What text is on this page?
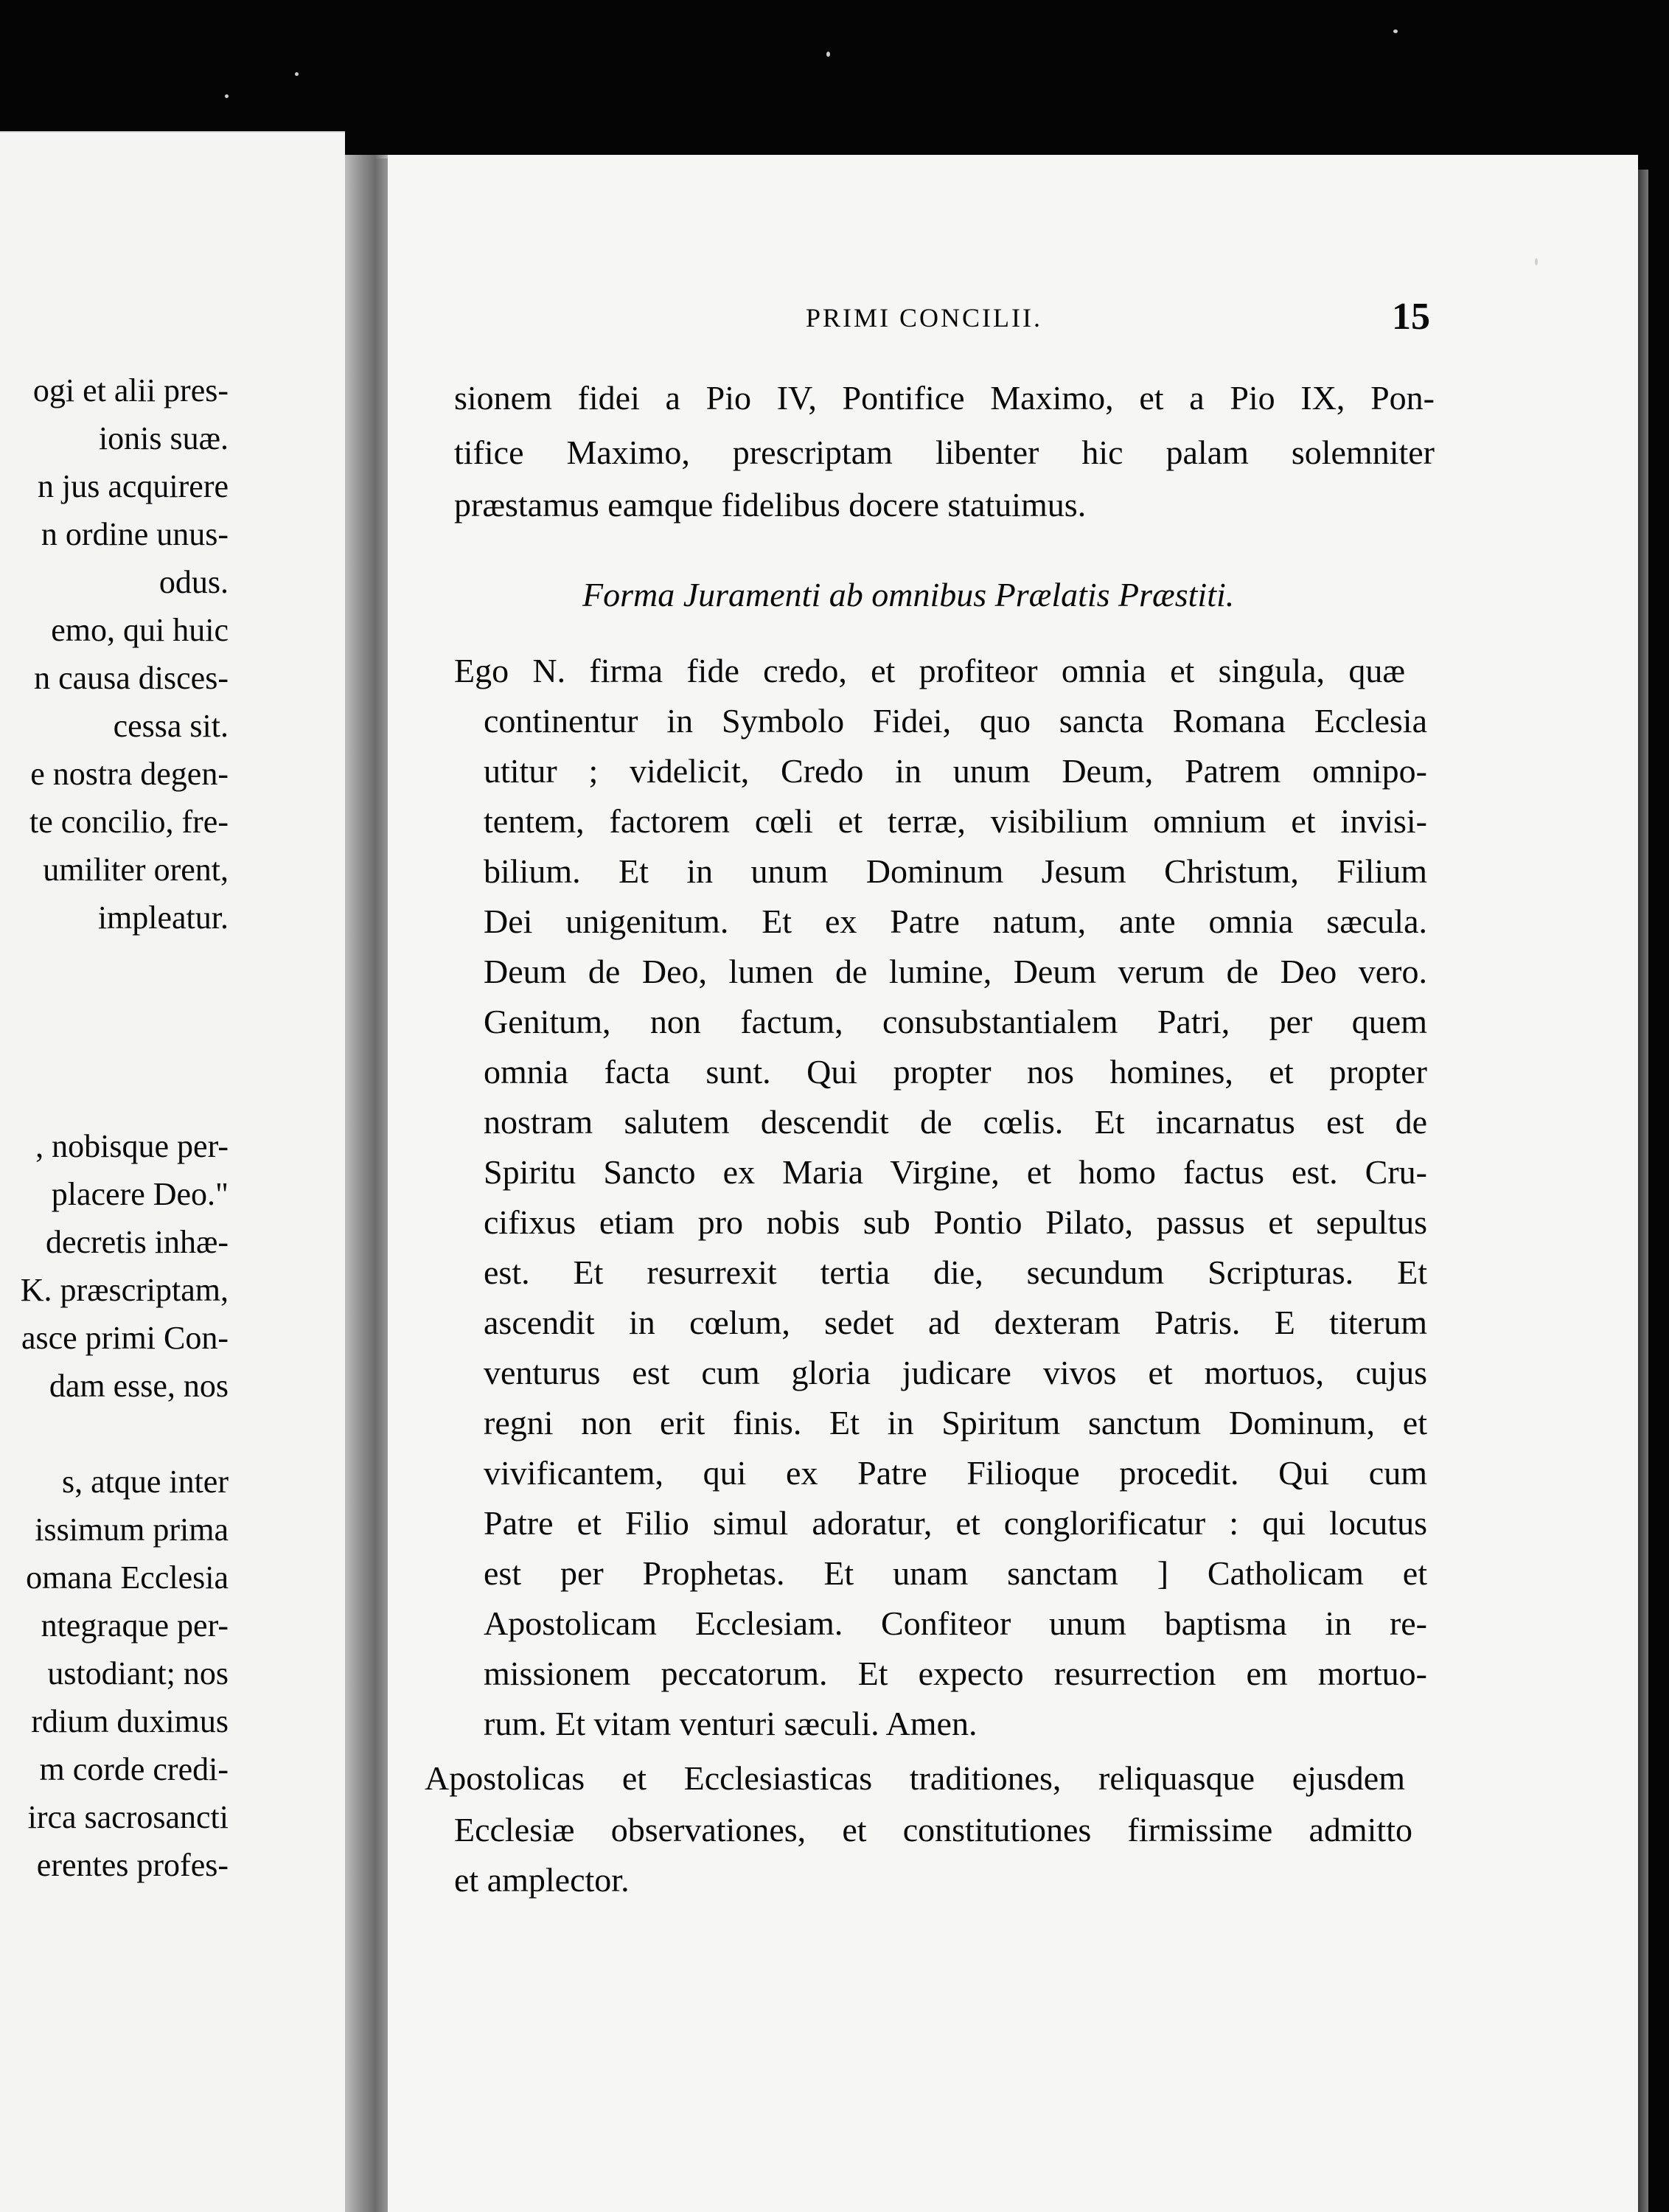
ogi et alii pres-
ionis suæ.
n jus acquirere
n ordine unus-
odus.
emo, qui huic
n causa disces-
cessa sit.
e nostra degen-
te concilio, fre-
umiliter orent,
impleatur.
, nobisque per-
placere Deo."
decretis inhæ-
K. præscriptam,
asce primi Con-
dam esse, nos
s, atque inter
issimum prima
omana Ecclesia
ntegraque per-
ustodiant; nos
rdium duximus
m corde credi-
irca sacrosancti
erentes profes-
PRIMI CONCILII.	15
sionem fidei a Pio IV, Pontifice Maximo, et a Pio IX, Pon-
tifice Maximo, prescriptam libenter hic palam solemniter
præstamus eamque fidelibus docere statuimus.
Forma Juramenti ab omnibus Prælatis Præstiti.
Ego N. firma fide credo, et profiteor omnia et singula, quæ
continentur in Symbolo Fidei, quo sancta Romana Ecclesia
utitur ; videlicit, Credo in unum Deum, Patrem omnipo-
tentem, factorem cœli et terræ, visibilium omnium et invisi-
bilium. Et in unum Dominum Jesum Christum, Filium
Dei unigenitum. Et ex Patre natum, ante omnia sæcula.
Deum de Deo, lumen de lumine, Deum verum de Deo vero.
Genitum, non factum, consubstantialem Patri, per quem
omnia facta sunt. Qui propter nos homines, et propter
nostram salutem descendit de cœlis. Et incarnatus est de
Spiritu Sancto ex Maria Virgine, et homo factus est. Cru-
cifixus etiam pro nobis sub Pontio Pilato, passus et sepultus
est. Et resurrexit tertia die, secundum Scripturas. Et
ascendit in cœlum, sedet ad dexteram Patris. E titerum
venturus est cum gloria judicare vivos et mortuos, cujus
regni non erit finis. Et in Spiritum sanctum Dominum, et
vivificantem, qui ex Patre Filioque procedit. Qui cum
Patre et Filio simul adoratur, et conglorificatur : qui locutus
est per Prophetas. Et unam sanctam ] Catholicam et
Apostolicam Ecclesiam. Confiteor unum baptisma in re-
missionem peccatorum. Et expecto resurrection em mortuo-
rum. Et vitam venturi sæculi. Amen.
Apostolicas et Ecclesiasticas traditiones, reliquasque ejusdem
Ecclesiæ observationes, et constitutiones firmissime admitto
et amplector.
